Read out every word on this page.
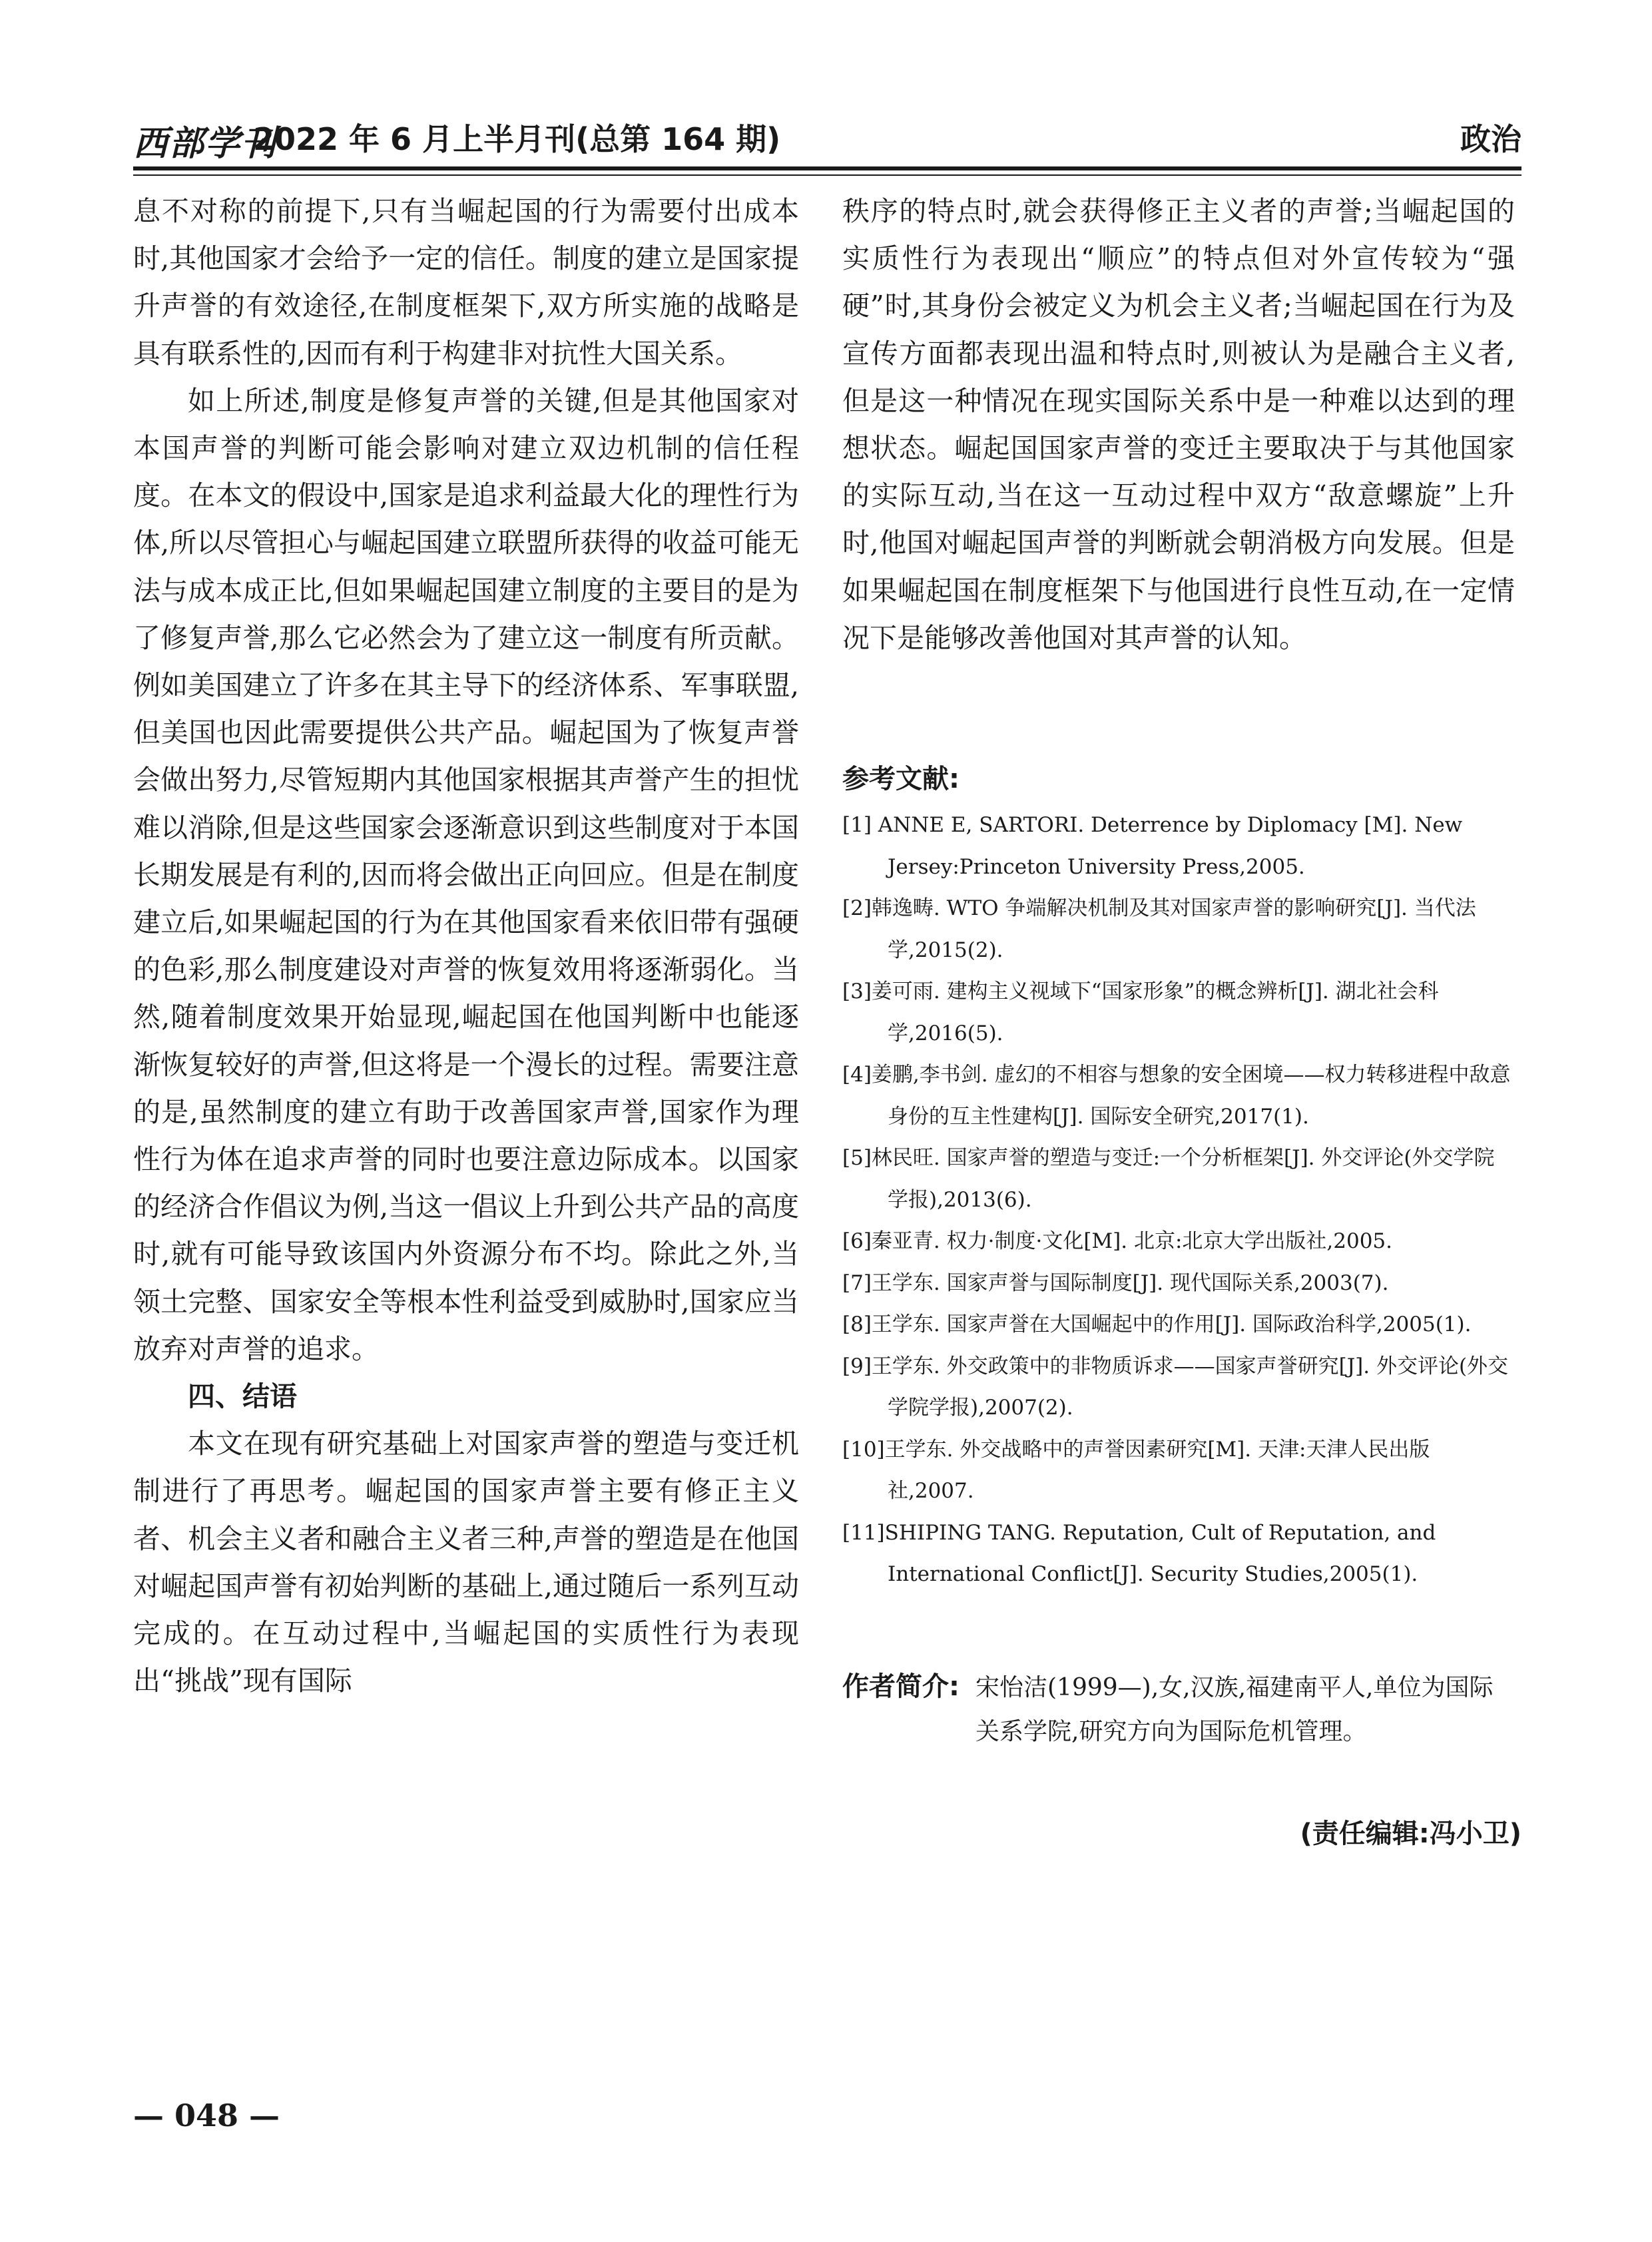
西部学刊
2022 年 6 月上半月刊(总第 164 期)	政治

息不对称的前提下,只有当崛起国的行为需要付出成本时,其他国家才会给予一定的信任。制度的建立是国家提升声誉的有效途径,在制度框架下,双方所实施的战略是具有联系性的,因而有利于构建非对抗性大国关系。

如上所述,制度是修复声誉的关键,但是其他国家对本国声誉的判断可能会影响对建立双边机制的信任程度。在本文的假设中,国家是追求利益最大化的理性行为体,所以尽管担心与崛起国建立联盟所获得的收益可能无法与成本成正比,但如果崛起国建立制度的主要目的是为了修复声誉,那么它必然会为了建立这一制度有所贡献。例如美国建立了许多在其主导下的经济体系、军事联盟,但美国也因此需要提供公共产品。崛起国为了恢复声誉会做出努力,尽管短期内其他国家根据其声誉产生的担忧难以消除,但是这些国家会逐渐意识到这些制度对于本国长期发展是有利的,因而将会做出正向回应。但是在制度建立后,如果崛起国的行为在其他国家看来依旧带有强硬的色彩,那么制度建设对声誉的恢复效用将逐渐弱化。当然,随着制度效果开始显现,崛起国在他国判断中也能逐渐恢复较好的声誉,但这将是一个漫长的过程。需要注意的是,虽然制度的建立有助于改善国家声誉,国家作为理性行为体在追求声誉的同时也要注意边际成本。以国家的经济合作倡议为例,当这一倡议上升到公共产品的高度时,就有可能导致该国内外资源分布不均。除此之外,当领土完整、国家安全等根本性利益受到威胁时,国家应当放弃对声誉的追求。

四、结语

本文在现有研究基础上对国家声誉的塑造与变迁机制进行了再思考。崛起国的国家声誉主要有修正主义者、机会主义者和融合主义者三种,声誉的塑造是在他国对崛起国声誉有初始判断的基础上,通过随后一系列互动完成的。在互动过程中,当崛起国的实质性行为表现出“挑战”现有国际

秩序的特点时,就会获得修正主义者的声誉;当崛起国的实质性行为表现出“顺应”的特点但对外宣传较为“强硬”时,其身份会被定义为机会主义者;当崛起国在行为及宣传方面都表现出温和特点时,则被认为是融合主义者,但是这一种情况在现实国际关系中是一种难以达到的理想状态。崛起国国家声誉的变迁主要取决于与其他国家的实际互动,当在这一互动过程中双方“敌意螺旋”上升时,他国对崛起国声誉的判断就会朝消极方向发展。但是如果崛起国在制度框架下与他国进行良性互动,在一定情况下是能够改善他国对其声誉的认知。

参考文献:

[1] ANNE E, SARTORI. Deterrence by Diplomacy [M]. New Jersey:Princeton University Press,2005.
[2]韩逸畴. WTO 争端解决机制及其对国家声誉的影响研究[J]. 当代法学,2015(2).
[3]姜可雨. 建构主义视域下“国家形象”的概念辨析[J]. 湖北社会科学,2016(5).
[4]姜鹏,李书剑. 虚幻的不相容与想象的安全困境——权力转移进程中敌意身份的互主性建构[J]. 国际安全研究,2017(1).
[5]林民旺. 国家声誉的塑造与变迁:一个分析框架[J]. 外交评论(外交学院学报),2013(6).
[6]秦亚青. 权力·制度·文化[M]. 北京:北京大学出版社,2005.
[7]王学东. 国家声誉与国际制度[J]. 现代国际关系,2003(7).
[8]王学东. 国家声誉在大国崛起中的作用[J]. 国际政治科学,2005(1).
[9]王学东. 外交政策中的非物质诉求——国家声誉研究[J]. 外交评论(外交学院学报),2007(2).
[10]王学东. 外交战略中的声誉因素研究[M]. 天津:天津人民出版社,2007.
[11]SHIPING TANG. Reputation, Cult of Reputation, and International Conflict[J]. Security Studies,2005(1).
作者简介: 宋怡洁(1999—),女,汉族,福建南平人,单位为国际关系学院,研究方向为国际危机管理。
(责任编辑:冯小卫)
— 048 —
